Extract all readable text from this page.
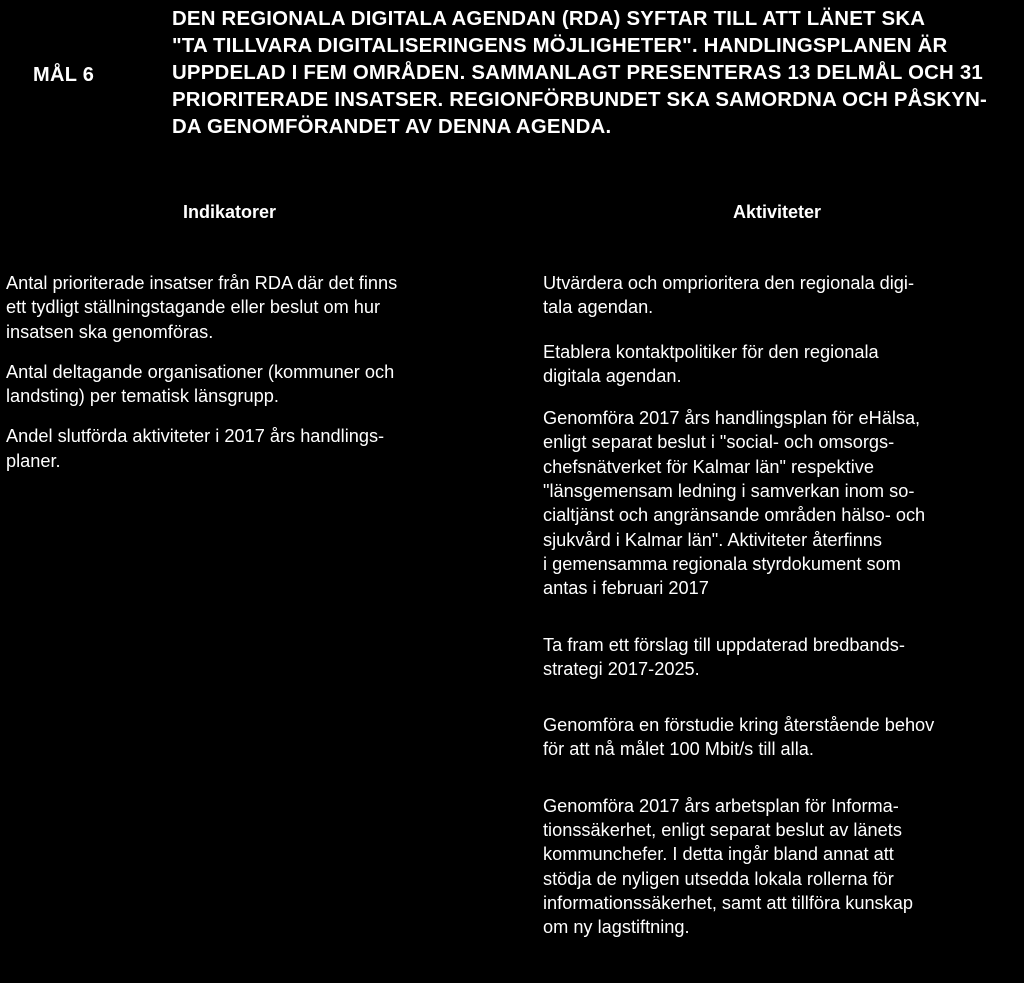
MÅL 6

DEN REGIONALA DIGITALA AGENDAN (RDA) SYFTAR TILL ATT LÄNET SKA
"TA TILLVARA DIGITALISERINGENS MÖJLIGHETER". HANDLINGSPLANEN ÄR
UPPDELAD I FEM OMRÅDEN. SAMMANLAGT PRESENTERAS 13 DELMÅL OCH 31
PRIORITERADE INSATSER. REGIONFÖRBUNDET SKA SAMORDNA OCH PÅSKYN-
DA GENOMFÖRANDET AV DENNA AGENDA.

Indikatorer	Aktiviteter

Antal prioriterade insatser från RDA där det finns
ett tydligt ställningstagande eller beslut om hur
insatsen ska genomföras.

Antal deltagande organisationer (kommuner och
landsting) per tematisk länsgrupp.

Andel slutförda aktiviteter i 2017 års handlings-
planer.

Utvärdera och omprioritera den regionala digi-
tala agendan.

Etablera kontaktpolitiker för den regionala
digitala agendan.

Genomföra 2017 års handlingsplan för eHälsa,
enligt separat beslut i "social- och omsorgs-
chefsnätverket för Kalmar län" respektive
"länsgemensam ledning i samverkan inom so-
cialtjänst och angränsande områden hälso- och
sjukvård i Kalmar län". Aktiviteter återfinns
i gemensamma regionala styrdokument som
antas i februari 2017

Ta fram ett förslag till uppdaterad bredbands-
strategi 2017-2025.

Genomföra en förstudie kring återstående behov
för att nå målet 100 Mbit/s till alla.

Genomföra 2017 års arbetsplan för Informa-
tionssäkerhet, enligt separat beslut av länets
kommunchefer. I detta ingår bland annat att
stödja de nyligen utsedda lokala rollerna för
informationssäkerhet, samt att tillföra kunskap
om ny lagstiftning.
